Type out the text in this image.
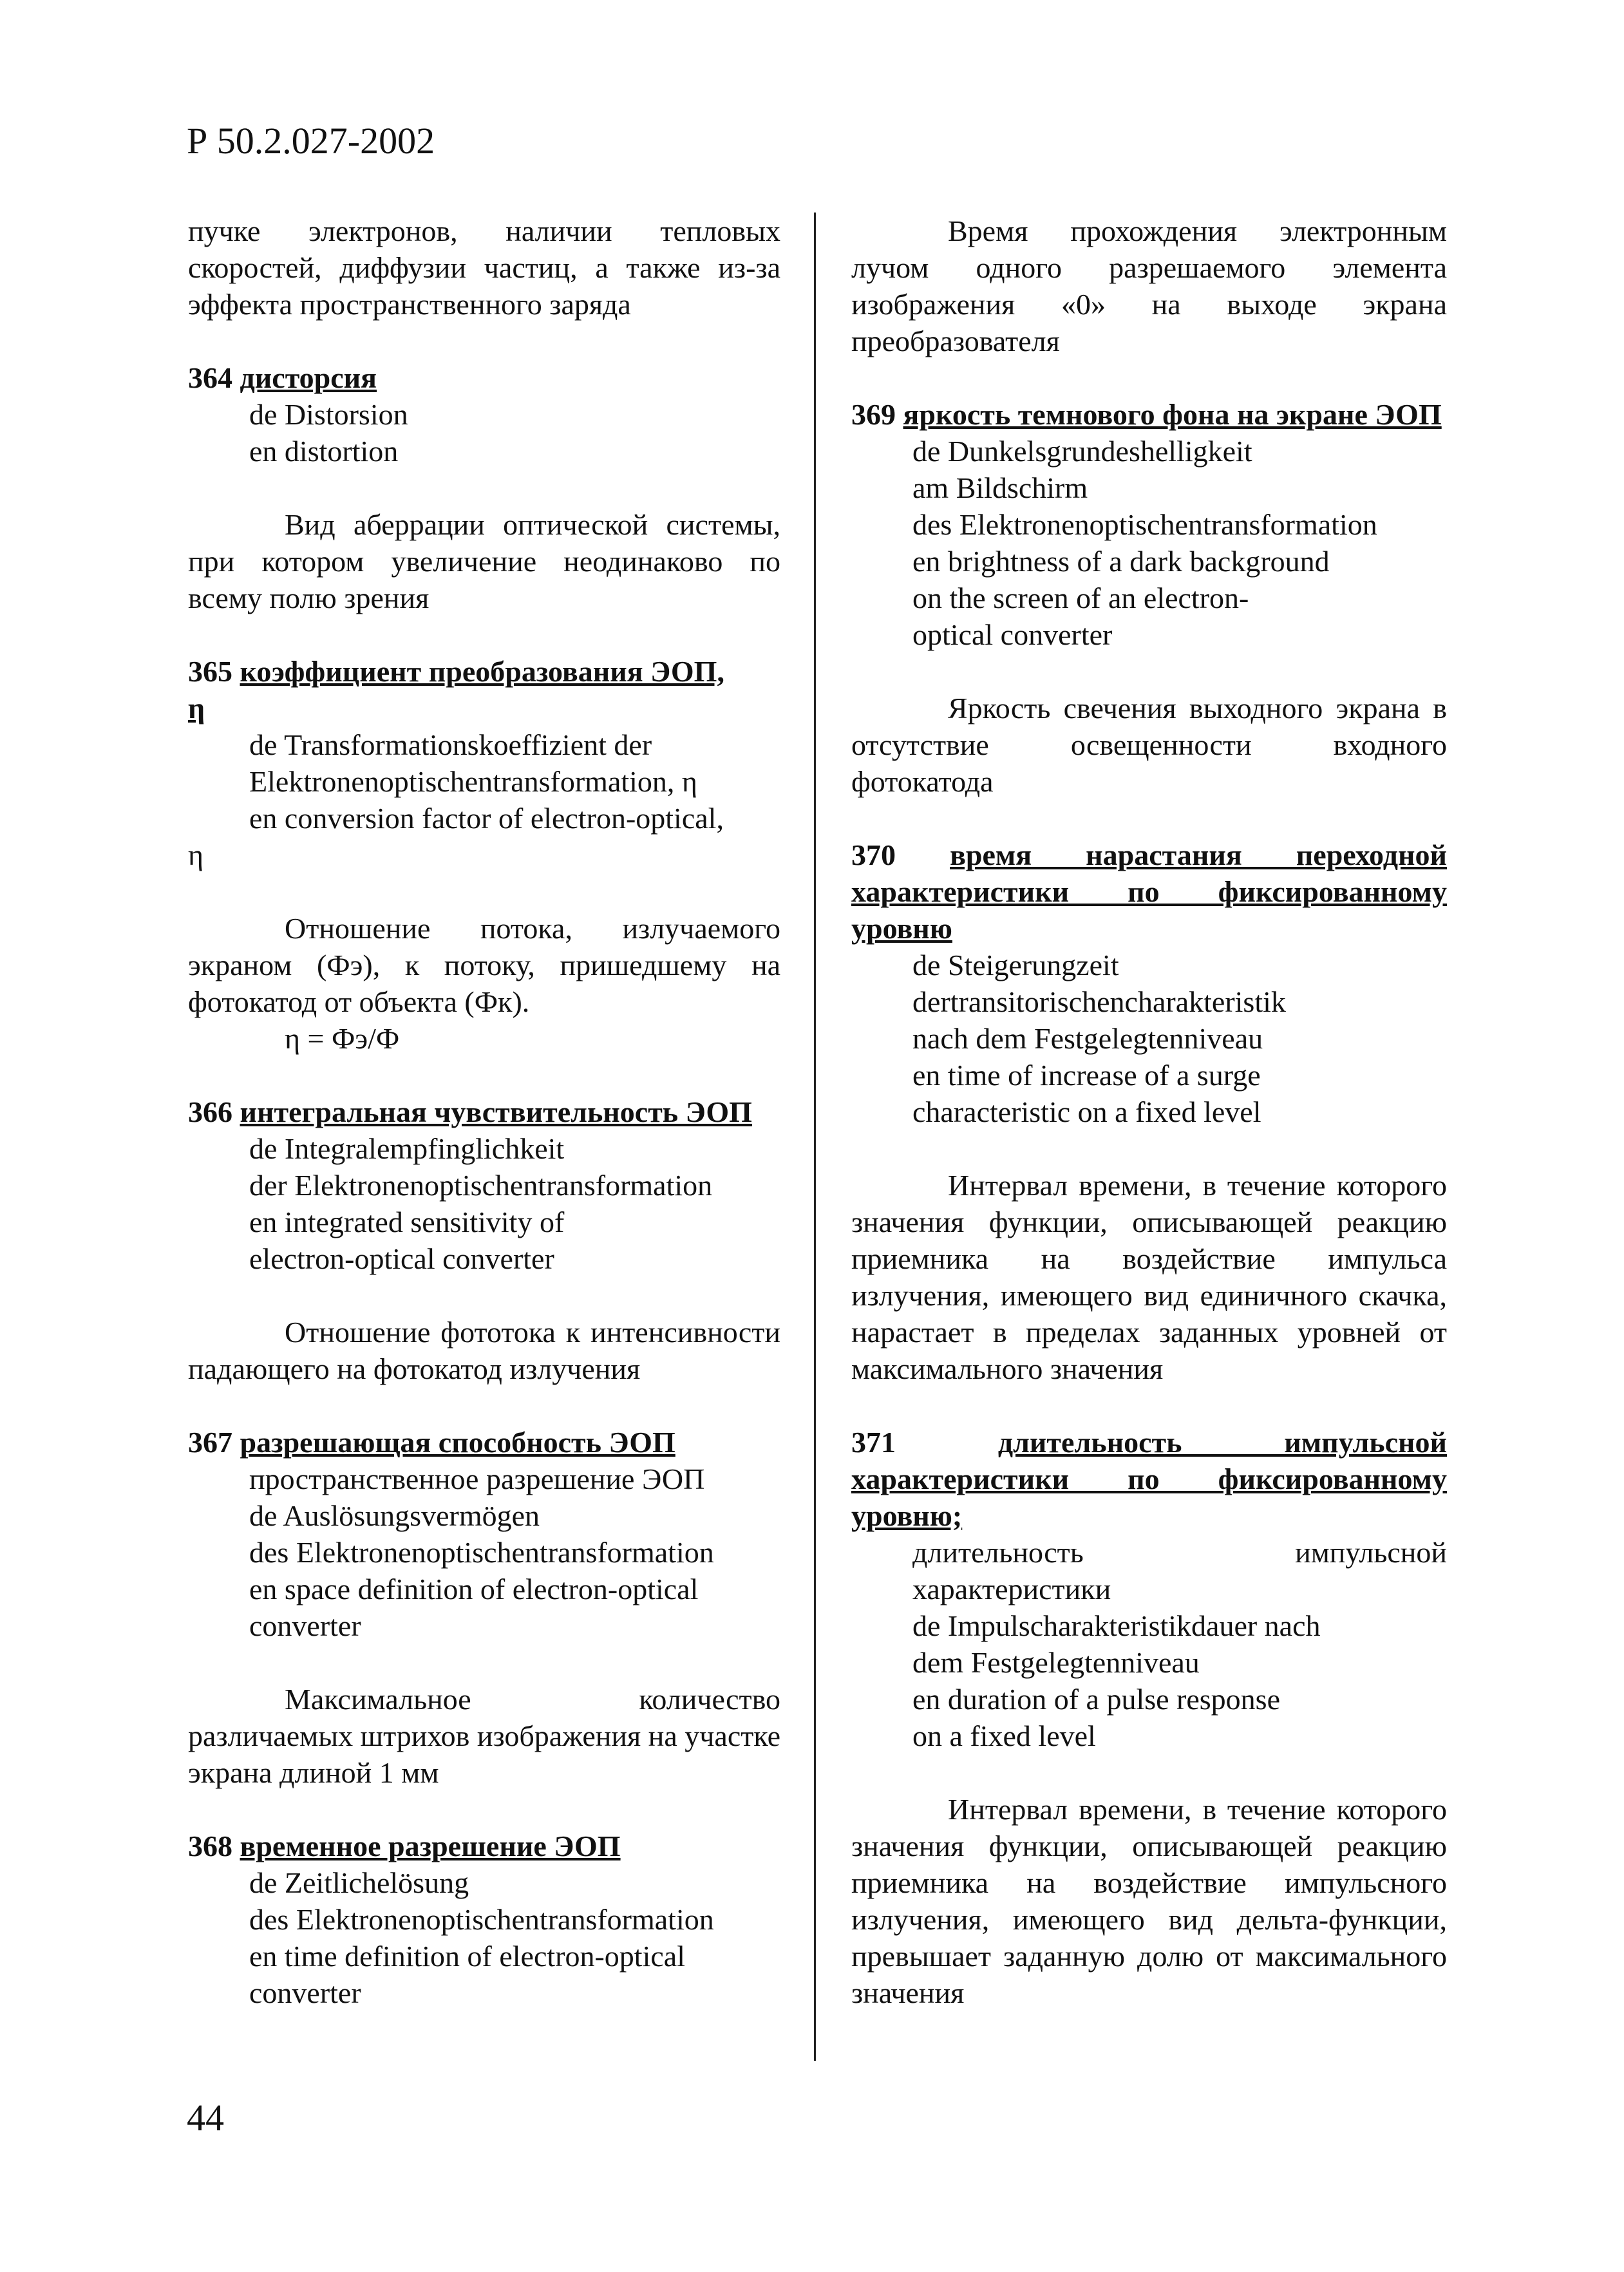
Р 50.2.027-2002
пучке электронов, наличии тепловых скоростей, диффузии частиц, а также из-за эффекта пространственного заряда
364 дисторсия
de Distorsion
en distortion
Вид аберрации оптической системы, при котором увеличение неодинаково по всему полю зрения
365 коэффициент преобразования ЭОП,
η
de Transformationskoeffizient der
Elektronenoptischentransformation, η
en conversion factor of electron-optical,
η
Отношение потока, излучаемого экраном (Фэ), к потоку, пришедшему на фотокатод от объекта (Фк).
η = Фэ/Ф
366 интегральная чувствительность ЭОП
de Integralempfinglichkeit
der Elektronenoptischentransformation
en integrated sensitivity of
electron-optical converter
Отношение фототока к интенсивности падающего на фотокатод излучения
367 разрешающая способность ЭОП
пространственное разрешение ЭОП
de Auslösungsvermögen
des Elektronenoptischentransformation
en space definition of electron-optical
converter
Максимальное количество различаемых штрихов изображения на участке экрана длиной 1 мм
368 временное разрешение ЭОП
de Zeitlichelösung
des Elektronenoptischentransformation
en time definition of electron-optical
converter
Время прохождения электронным лучом одного разрешаемого элемента изображения «0» на выходе экрана преобразователя
369 яркость темнового фона на экране ЭОП
de Dunkelsgrundeshelligkeit
am Bildschirm
des Elektronenoptischentransformation
en brightness of a dark background
on the screen of an electron-
optical converter
Яркость свечения выходного экрана в отсутствие освещенности входного фотокатода
370 время нарастания переходной характеристики по фиксированному уровню
de Steigerungzeit
dertransitorischencharakteristik
nach dem Festgelegtenniveau
en time of increase of a surge
characteristic on a fixed level
Интервал времени, в течение которого значения функции, описывающей реакцию приемника на воздействие импульса излучения, имеющего вид единичного скачка, нарастает в пределах заданных уровней от максимального значения
371	длительность импульсной характеристики по фиксированному уровню;
длительность импульсной характеристики
de Impulscharakteristikdauer nach
dem Festgelegtenniveau
en duration of a pulse response
on a fixed level
Интервал времени, в течение которого значения функции, описывающей реакцию приемника на воздействие импульсного излучения, имеющего вид дельта-функции, превышает заданную долю от максимального значения
44
